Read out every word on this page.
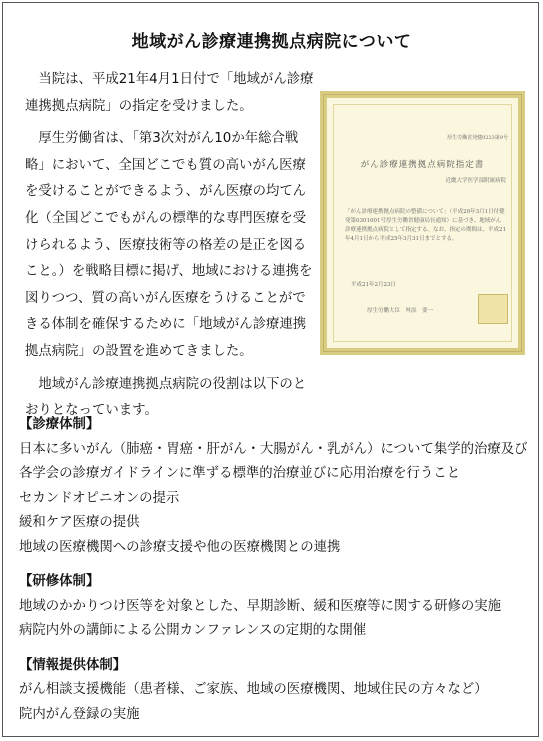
地域がん診療連携拠点病院について

当院は、平成21年4月1日付で「地域がん診療連携拠点病院」の指定を受けました。

厚生労働省は、「第3次対がん10か年総合戦略」において、全国どこでも質の高いがん医療を受けることができるよう、がん医療の均てん化（全国どこでもがんの標準的な専門医療を受けられるよう、医療技術等の格差の是正を図ること。）を戦略目標に掲げ、地域における連携を図りつつ、質の高いがん医療をうけることができる体制を確保するために「地域がん診療連携拠点病院」の設置を進めてきました。

地域がん診療連携拠点病院の役割は以下のとおりとなっています。

厚生労働省発健0223第9号
がん診療連携拠点病院指定書
近畿大学医学部附属病院
「がん診療連携拠点病院の整備について」（平成20年3月1日付健発第0301001号厚生労働省健康局長通知）に基づき、地域がん診療連携拠点病院として指定する。なお、指定の期間は、平成21年4月1日から平成25年3月31日までとする。
平成21年2月23日
厚生労働大臣　舛添　要一
【診療体制】
日本に多いがん（肺癌・胃癌・肝がん・大腸がん・乳がん）について集学的治療及び
各学会の診療ガイドラインに準ずる標準的治療並びに応用治療を行うこと
セカンドオピニオンの提示
緩和ケア医療の提供
地域の医療機関への診療支援や他の医療機関との連携
【研修体制】
地域のかかりつけ医等を対象とした、早期診断、緩和医療等に関する研修の実施
病院内外の講師による公開カンファレンスの定期的な開催
【情報提供体制】
がん相談支援機能（患者様、ご家族、地域の医療機関、地域住民の方々など）
院内がん登録の実施
